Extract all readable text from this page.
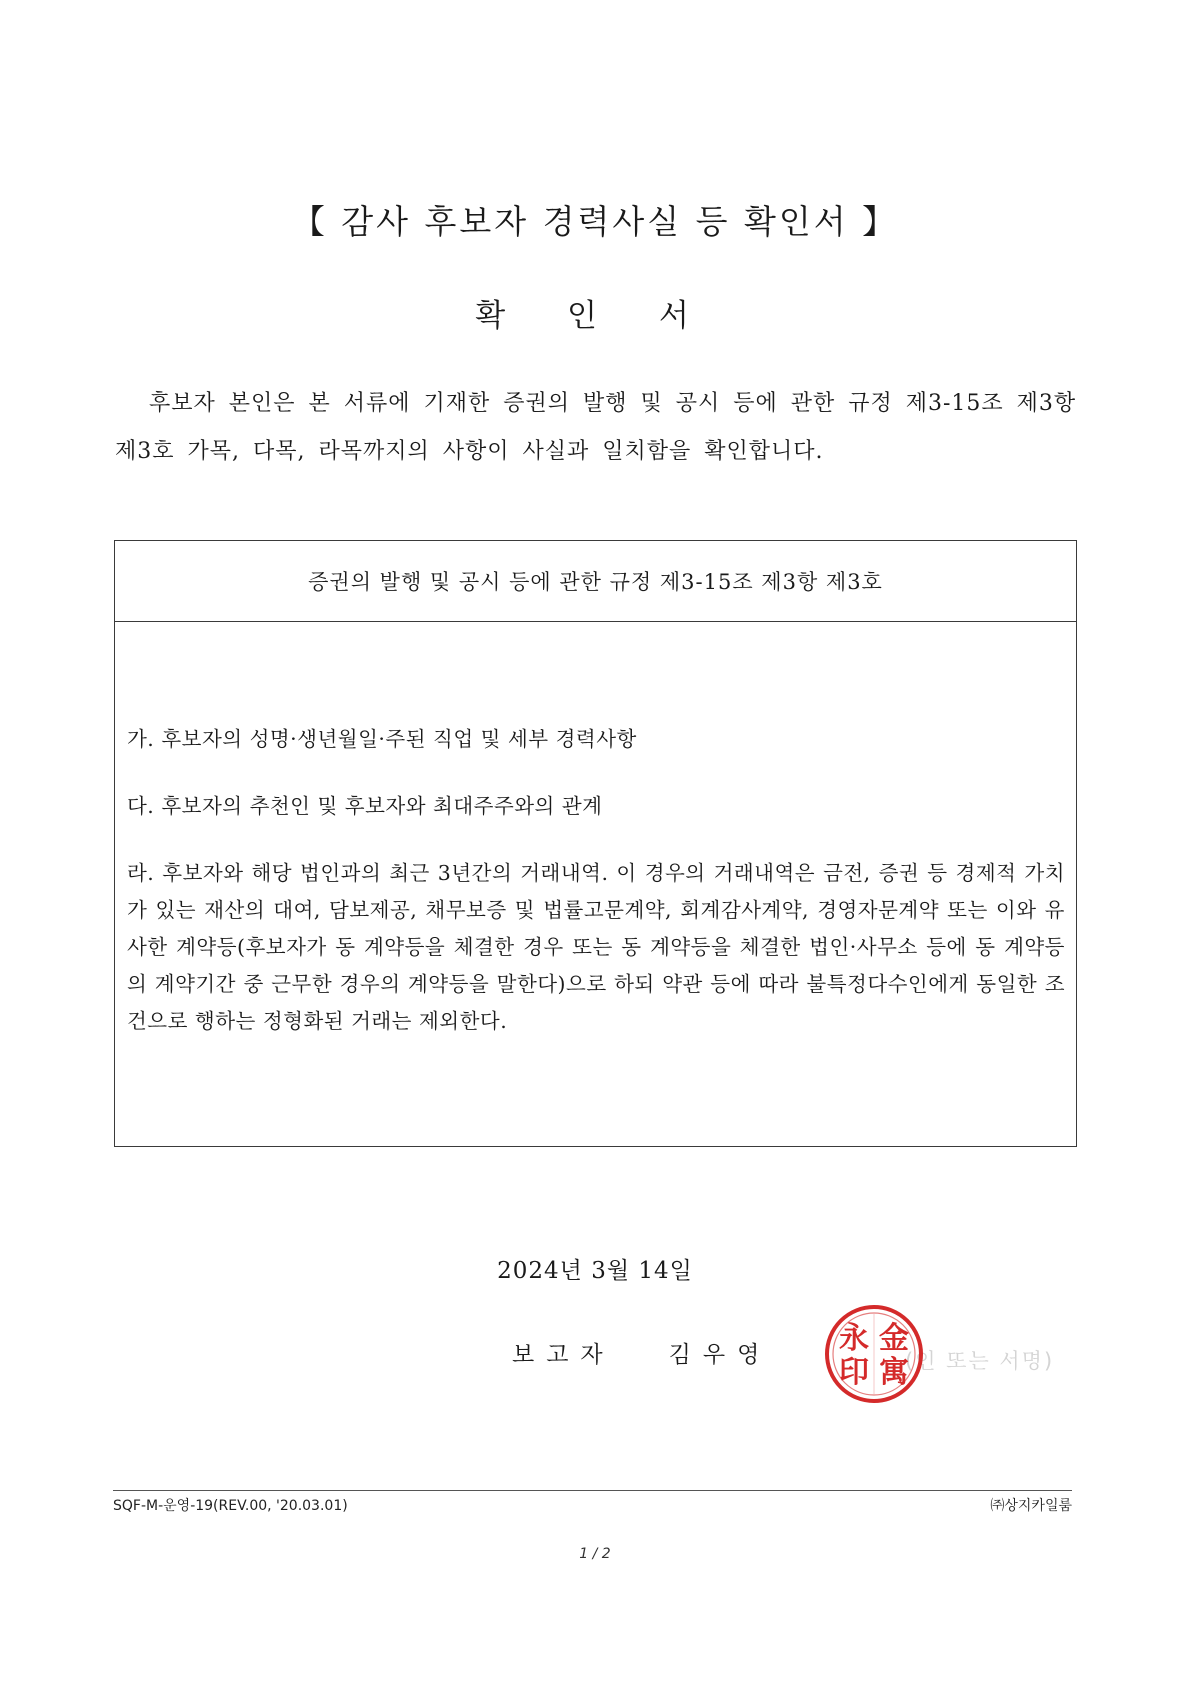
【 감사 후보자 경력사실 등 확인서 】
확 인 서
후보자 본인은 본 서류에 기재한 증권의 발행 및 공시 등에 관한 규정 제3-15조 제3항 제3호 가목, 다목, 라목까지의 사항이 사실과 일치함을 확인합니다.
증권의 발행 및 공시 등에 관한 규정 제3-15조 제3항 제3호
가. 후보자의 성명·생년월일·주된 직업 및 세부 경력사항
다. 후보자의 추천인 및 후보자와 최대주주와의 관계
라. 후보자와 해당 법인과의 최근 3년간의 거래내역. 이 경우의 거래내역은 금전, 증권 등 경제적 가치가 있는 재산의 대여, 담보제공, 채무보증 및 법률고문계약, 회계감사계약, 경영자문계약 또는 이와 유사한 계약등(후보자가 동 계약등을 체결한 경우 또는 동 계약등을 체결한 법인·사무소 등에 동 계약등의 계약기간 중 근무한 경우의 계약등을 말한다)으로 하되 약관 등에 따라 불특정다수인에게 동일한 조건으로 행하는 정형화된 거래는 제외한다.
2024년 3월 14일
보고자 김우영	(인 또는 서명)
金
寓
永
印
SQF-M-운영-19(REV.00, '20.03.01)	㈜상지카일룸
1 / 2
